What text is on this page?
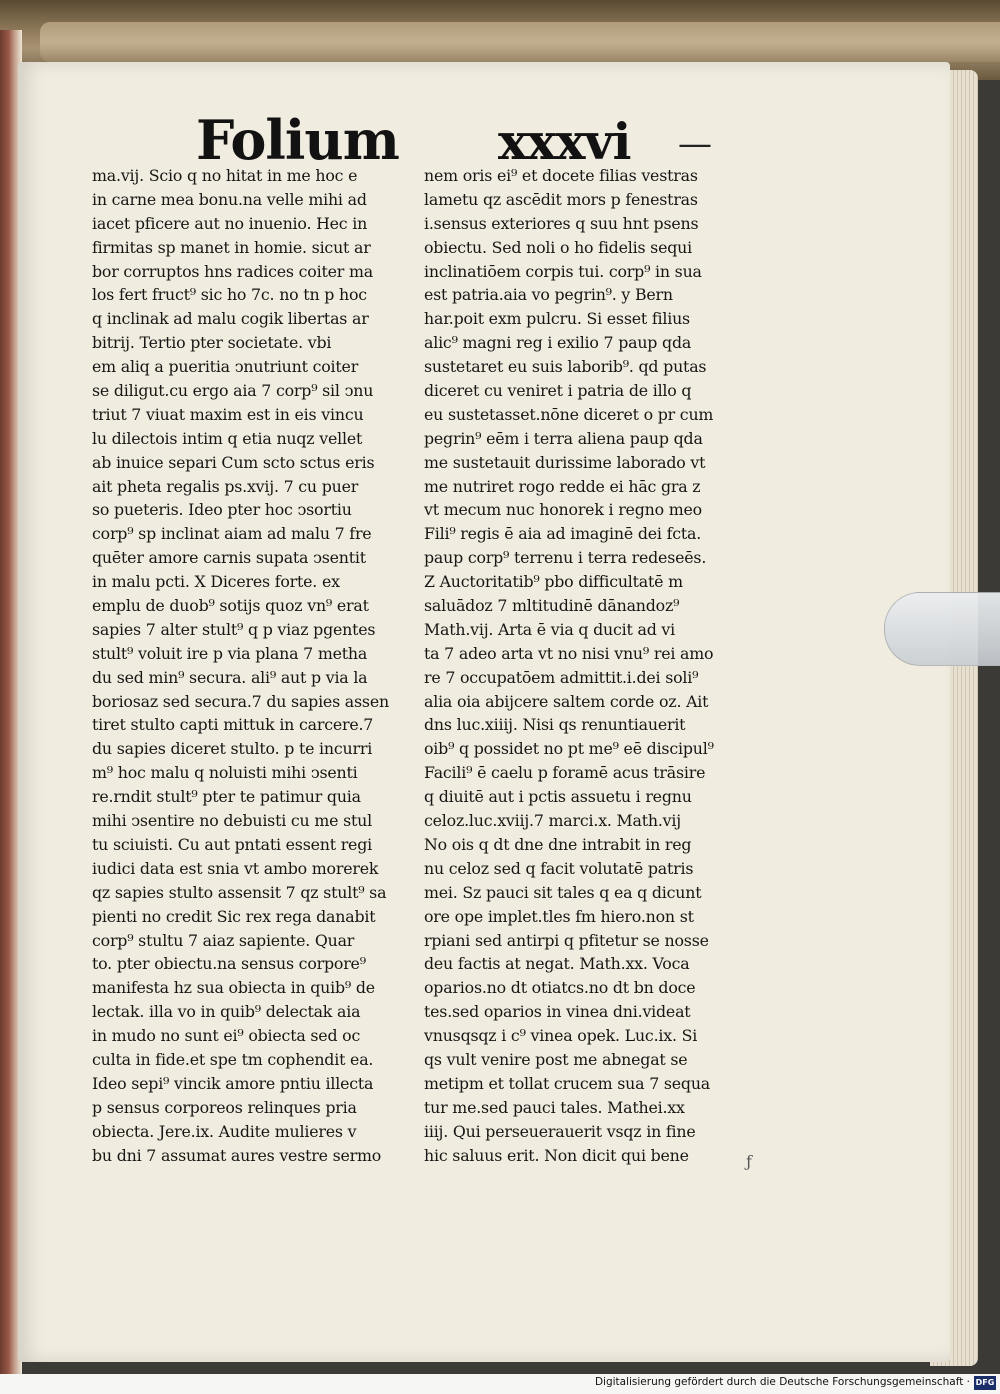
Folium xxxvi —
ma.vij. Scio q no hitat in me hoc e
in carne mea bonu.na velle mihi ad
iacet pficere aut no inuenio. Hec in
firmitas sp manet in homie. sicut ar
bor corruptos hns radices coiter ma
los fert fruct⁹ sic ho 7c. no tn p hoc
q inclinak ad malu cogik libertas ar
bitrij. Tertio pter societate. vbi
em aliq a pueritia ↄnutriunt coiter
se diligut.cu ergo aia 7 corp⁹ sil ↄnu
triut 7 viuat maxim est in eis vincu
lu dilectois intim q etia nuqz vellet
ab inuice separi Cum scto sctus eris
ait pheta regalis ps.xvij. 7 cu puer
so pueteris. Ideo pter hoc ↄsortiu
corp⁹ sp inclinat aiam ad malu 7 fre
quēter amore carnis supata ↄsentit
in malu pcti. X Diceres forte. ex
emplu de duob⁹ sotijs quoz vn⁹ erat
sapies 7 alter stult⁹ q p viaz pgentes
stult⁹ voluit ire p via plana 7 metha
du sed min⁹ secura. ali⁹ aut p via la
boriosaz sed secura.7 du sapies assen
tiret stulto capti mittuk in carcere.7
du sapies diceret stulto. p te incurri
m⁹ hoc malu q noluisti mihi ↄsenti
re.rndit stult⁹ pter te patimur quia
mihi ↄsentire no debuisti cu me stul
tu sciuisti. Cu aut pntati essent regi
iudici data est snia vt ambo morerek
qz sapies stulto assensit 7 qz stult⁹ sa
pienti no credit Sic rex rega danabit
corp⁹ stultu 7 aiaz sapiente. Quar
to. pter obiectu.na sensus corpore⁹
manifesta hz sua obiecta in quib⁹ de
lectak. illa vo in quib⁹ delectak aia
in mudo no sunt ei⁹ obiecta sed oc
culta in fide.et spe tm cophendit ea.
Ideo sepi⁹ vincik amore pntiu illecta
p sensus corporeos relinques pria
obiecta. Jere.ix. Audite mulieres v
bu dni 7 assumat aures vestre sermo
nem oris ei⁹ et docete filias vestras
lametu qz ascēdit mors p fenestras
i.sensus exteriores q suu hnt psens
obiectu. Sed noli o ho fidelis sequi
inclinatiōem corpis tui. corp⁹ in sua
est patria.aia vo pegrin⁹. y Bern
har.poit exm pulcru. Si esset filius
alic⁹ magni reg i exilio 7 paup qda
sustetaret eu suis laborib⁹. qd putas
diceret cu veniret i patria de illo q
eu sustetasset.nōne diceret o pr cum
pegrin⁹ eēm i terra aliena paup qda
me sustetauit durissime laborado vt
me nutriret rogo redde ei hāc gra z
vt mecum nuc honorek i regno meo
Fili⁹ regis ē aia ad imaginē dei fcta.
paup corp⁹ terrenu i terra redeseēs.
Z Auctoritatib⁹ pbo difficultatē m
saluādoz 7 mltitudinē dānandoz⁹
Math.vij. Arta ē via q ducit ad vi
ta 7 adeo arta vt no nisi vnu⁹ rei amo
re 7 occupatōem admittit.i.dei soli⁹
alia oia abijcere saltem corde oz. Ait
dns luc.xiiij. Nisi qs renuntiauerit
oib⁹ q possidet no pt me⁹ eē discipul⁹
Facili⁹ ē caelu p foramē acus trāsire
q diuitē aut i pctis assuetu i regnu
celoz.luc.xviij.7 marci.x. Math.vij
No ois q dt dne dne intrabit in reg
nu celoz sed q facit volutatē patris
mei. Sz pauci sit tales q ea q dicunt
ore ope implet.tles fm hiero.non st
rpiani sed antirpi q pfitetur se nosse
deu factis at negat. Math.xx. Voca
oparios.no dt otiatcs.no dt bn doce
tes.sed oparios in vinea dni.videat
vnusqsqz i c⁹ vinea opek. Luc.ix. Si
qs vult venire post me abnegat se
metipm et tollat crucem sua 7 sequa
tur me.sed pauci tales. Mathei.xx
iiij. Qui perseuerauerit vsqz in fine
hic saluus erit. Non dicit qui bene	ƒ
Digitalisierung gefördert durch die Deutsche Forschungsgemeinschaft · DFG
